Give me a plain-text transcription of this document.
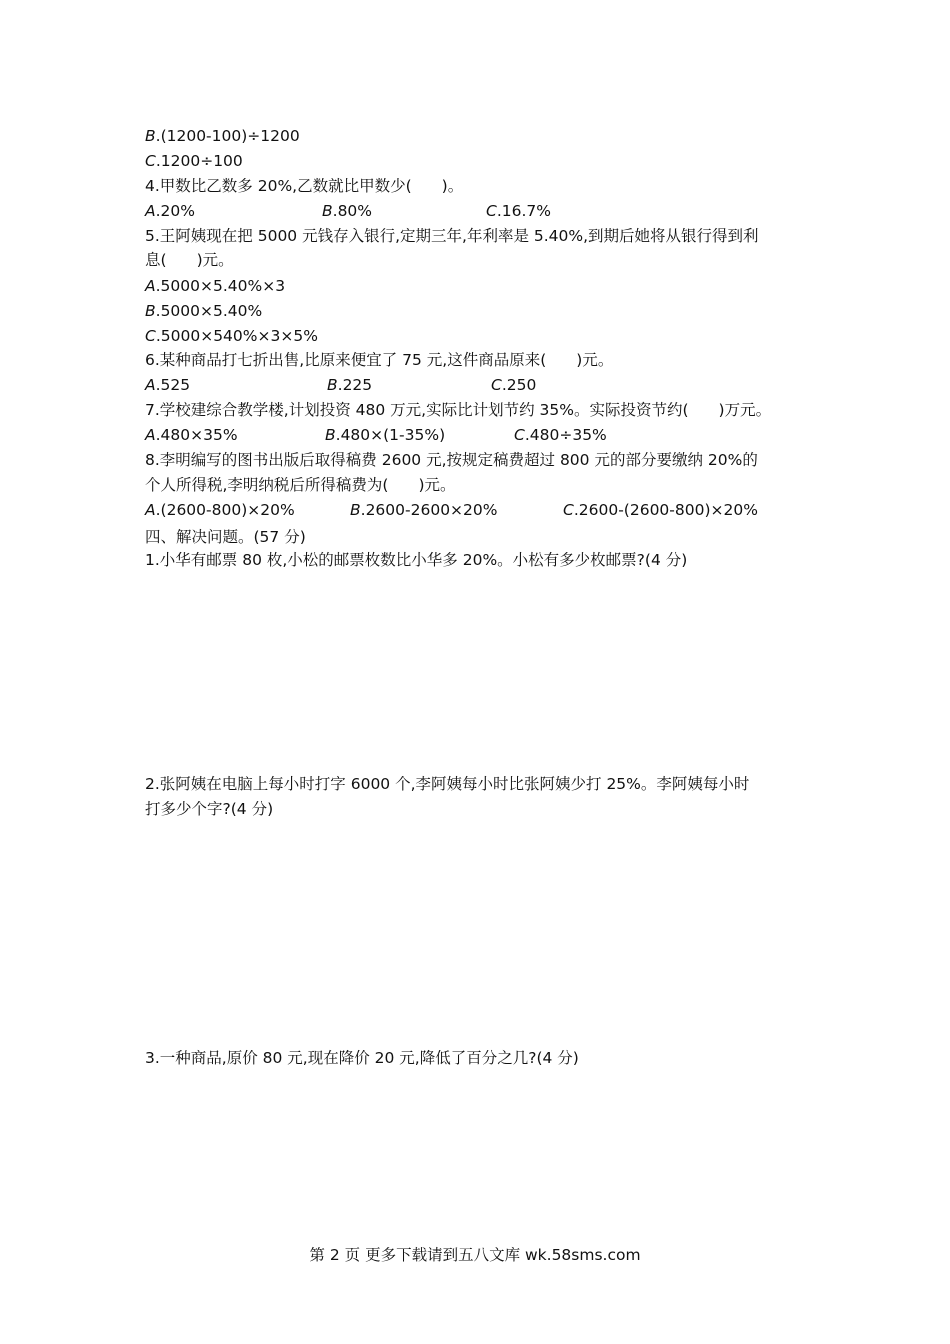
B.(1200-100)÷1200
C.1200÷100
4.甲数比乙数多 20%,乙数就比甲数少( )。
A.20%	B.80%	C.16.7%
5.王阿姨现在把 5000 元钱存入银行,定期三年,年利率是 5.40%,到期后她将从银行得到利
息( )元。
A.5000×5.40%×3
B.5000×5.40%
C.5000×540%×3×5%
6.某种商品打七折出售,比原来便宜了 75 元,这件商品原来( )元。
A.525	B.225	C.250
7.学校建综合教学楼,计划投资 480 万元,实际比计划节约 35%。实际投资节约( )万元。
A.480×35%	B.480×(1-35%)	C.480÷35%
8.李明编写的图书出版后取得稿费 2600 元,按规定稿费超过 800 元的部分要缴纳 20%的
个人所得税,李明纳税后所得稿费为( )元。
A.(2600-800)×20%	B.2600-2600×20%	C.2600-(2600-800)×20%
四、解决问题。(57 分)
1.小华有邮票 80 枚,小松的邮票枚数比小华多 20%。小松有多少枚邮票?(4 分)
2.张阿姨在电脑上每小时打字 6000 个,李阿姨每小时比张阿姨少打 25%。李阿姨每小时
打多少个字?(4 分)
3.一种商品,原价 80 元,现在降价 20 元,降低了百分之几?(4 分)
第 2 页 更多下载请到五八文库 wk.58sms.com
